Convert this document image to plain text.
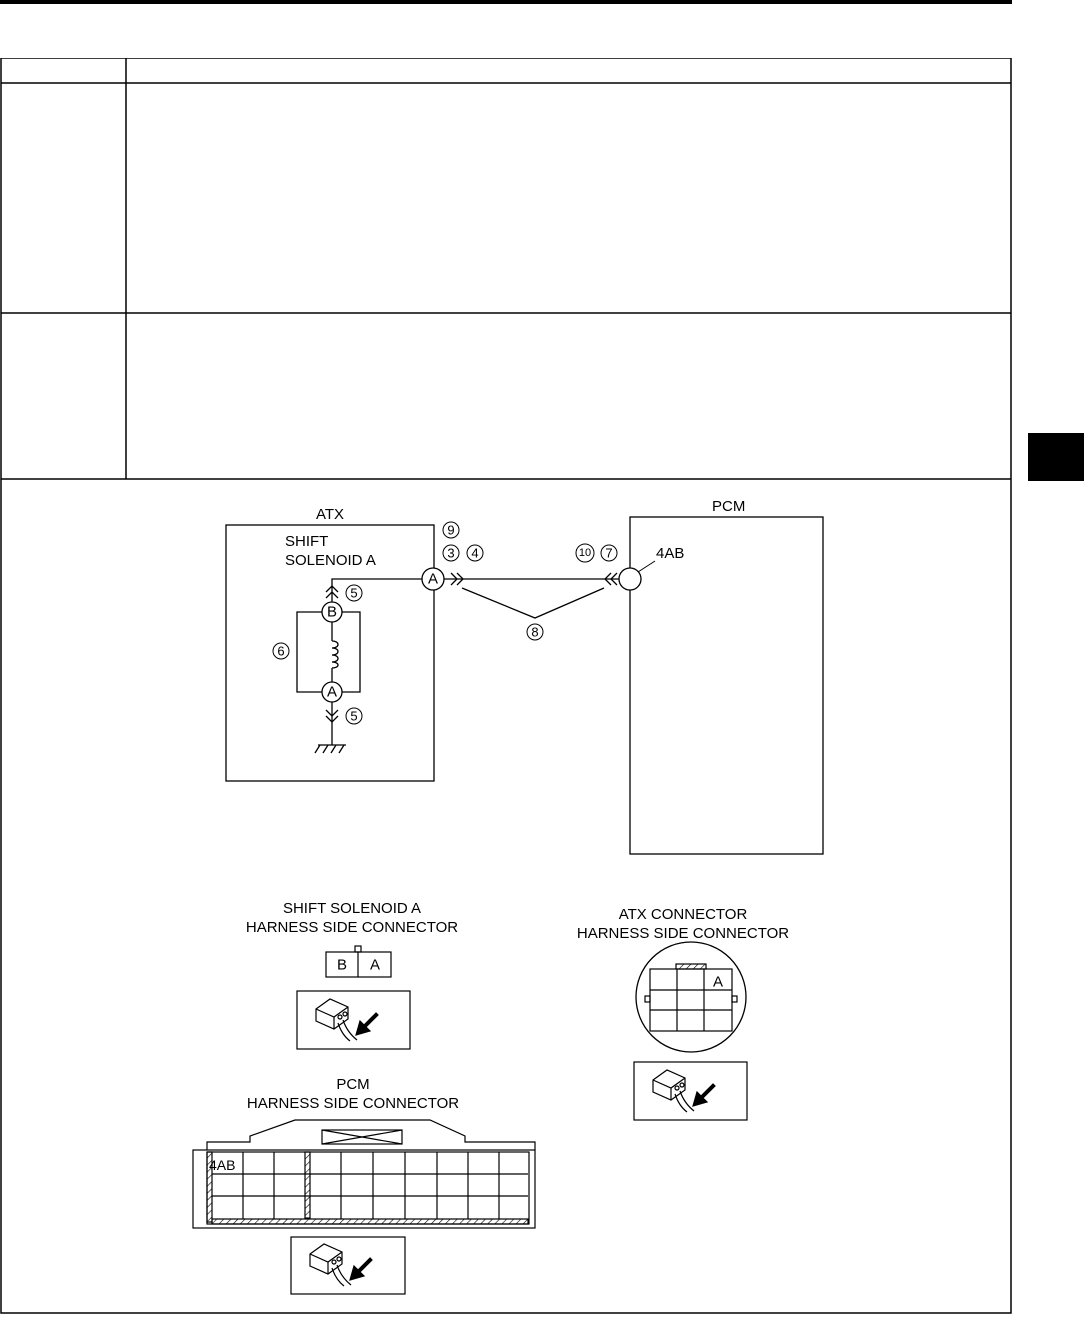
ATX
SHIFT
SOLENOID A
PCM
4AB
A
B
A
9
3 4	10 7
5
6
5
8
SHIFT SOLENOID A
HARNESS SIDE CONNECTOR
B A
ATX CONNECTOR
HARNESS SIDE CONNECTOR
A
PCM
HARNESS SIDE CONNECTOR
4AB
